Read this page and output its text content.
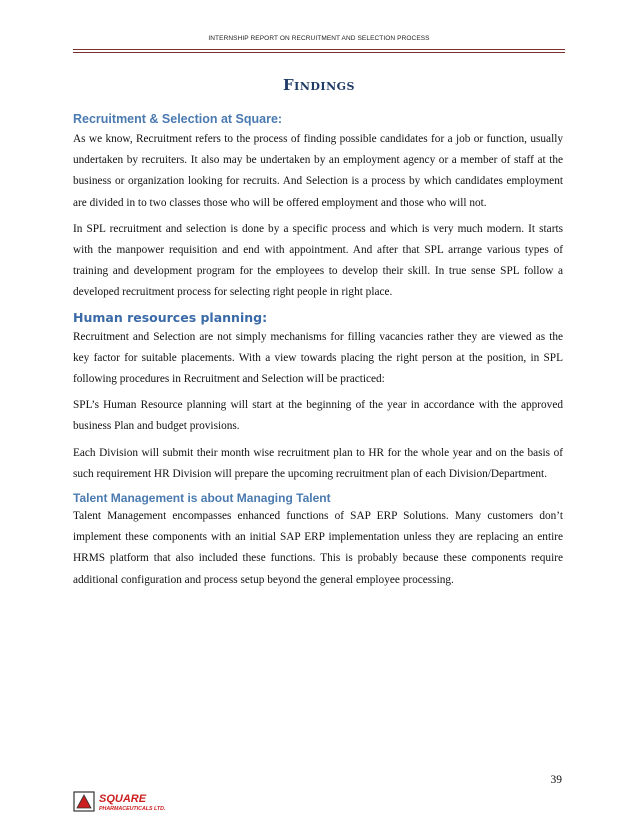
INTERNSHIP REPORT ON RECRUITMENT AND SELECTION PROCESS
Findings
Recruitment & Selection at Square:

As we know, Recruitment refers to the process of finding possible candidates for a job or function, usually undertaken by recruiters. It also may be undertaken by an employment agency or a member of staff at the business or organization looking for recruits. And Selection is a process by which candidates employment are divided in to two classes those who will be offered employment and those who will not.

In SPL recruitment and selection is done by a specific process and which is very much modern. It starts with the manpower requisition and end with appointment. And after that SPL arrange various types of training and development program for the employees to develop their skill. In true sense SPL follow a developed recruitment process for selecting right people in right place.

Human resources planning:

Recruitment and Selection are not simply mechanisms for filling vacancies rather they are viewed as the key factor for suitable placements. With a view towards placing the right person at the position, in SPL following procedures in Recruitment and Selection will be practiced:

SPL’s Human Resource planning will start at the beginning of the year in accordance with the approved business Plan and budget provisions.

Each Division will submit their month wise recruitment plan to HR for the whole year and on the basis of such requirement HR Division will prepare the upcoming recruitment plan of each Division/Department.

Talent Management is about Managing Talent

Talent Management encompasses enhanced functions of SAP ERP Solutions. Many customers don’t implement these components with an initial SAP ERP implementation unless they are replacing an entire HRMS platform that also included these functions. This is probably because these components require additional configuration and process setup beyond the general employee processing.

39
SQUARE
PHARMACEUTICALS LTD.
